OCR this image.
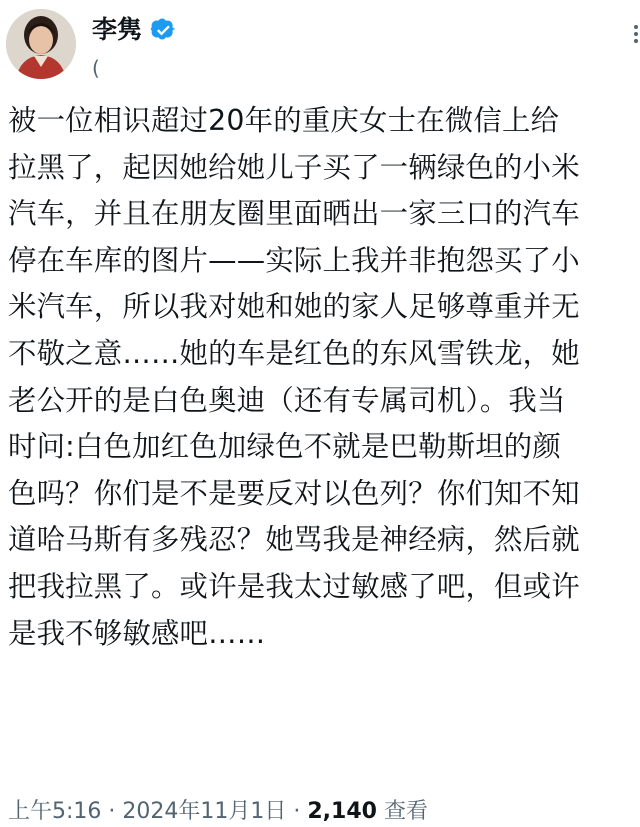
李隽
(
被一位相识超过20年的重庆女士在微信上给
拉黑了，起因她给她儿子买了一辆绿色的小米
汽车，并且在朋友圈里面晒出一家三口的汽车
停在车库的图片——实际上我并非抱怨买了小
米汽车，所以我对她和她的家人足够尊重并无
不敬之意……她的车是红色的东风雪铁龙，她
老公开的是白色奥迪（还有专属司机）。我当
时问:白色加红色加绿色不就是巴勒斯坦的颜
色吗？你们是不是要反对以色列？你们知不知
道哈马斯有多残忍？她骂我是神经病，然后就
把我拉黑了。或许是我太过敏感了吧，但或许
是我不够敏感吧……
上午5:16 · 2024年11月1日 · 2,140 查看
